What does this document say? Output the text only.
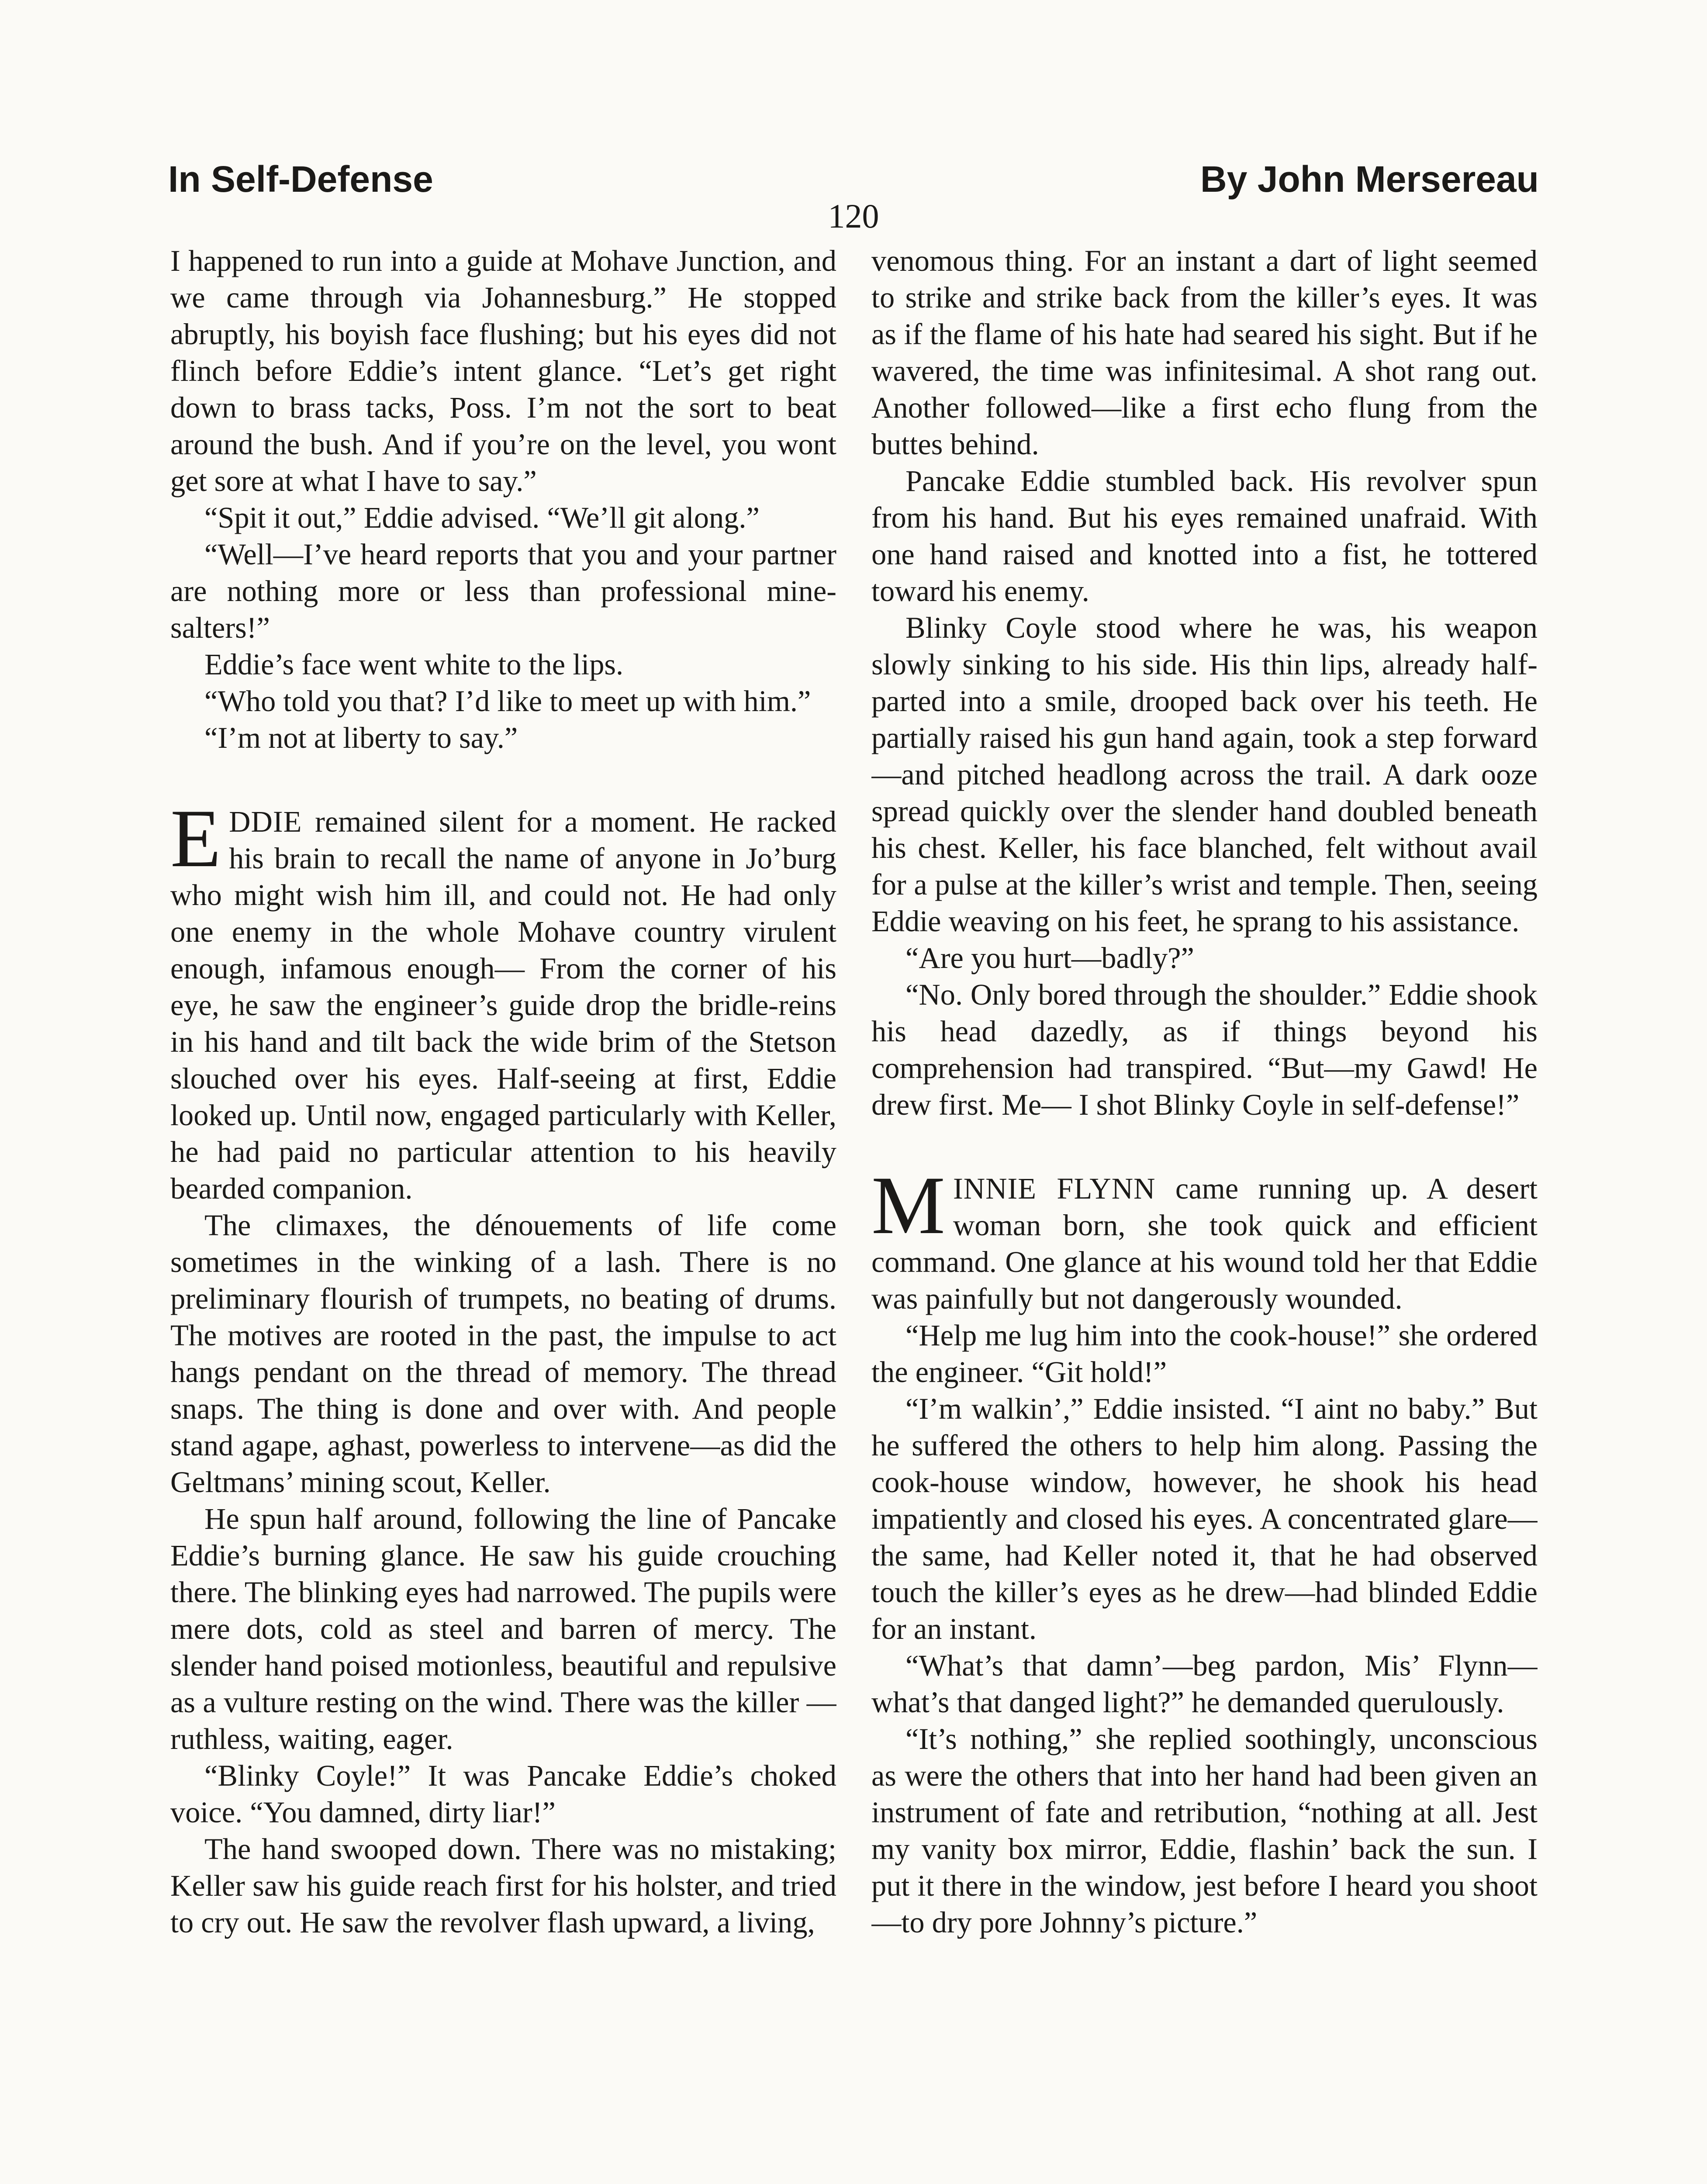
In Self-Defense	By John Mersereau
120

I happened to run into a guide at Mohave Junction, and we came through via Johannesburg.” He stopped abruptly, his boyish face flushing; but his eyes did not flinch before Eddie’s intent glance. “Let’s get right down to brass tacks, Poss. I’m not the sort to beat around the bush. And if you’re on the level, you wont get sore at what I have to say.”

“Spit it out,” Eddie advised. “We’ll git along.”

“Well—I’ve heard reports that you and your partner are nothing more or less than professional mine-salters!”

Eddie’s face went white to the lips.

“Who told you that? I’d like to meet up with him.”

“I’m not at liberty to say.”

EDDIE remained silent for a moment. He racked his brain to recall the name of anyone in Jo’burg who might wish him ill, and could not. He had only one enemy in the whole Mohave country virulent enough, infamous enough— From the corner of his eye, he saw the engineer’s guide drop the bridle-reins in his hand and tilt back the wide brim of the Stetson slouched over his eyes. Half-seeing at first, Eddie looked up. Until now, engaged particularly with Keller, he had paid no particular attention to his heavily bearded companion.

The climaxes, the dénouements of life come sometimes in the winking of a lash. There is no preliminary flourish of trumpets, no beating of drums. The motives are rooted in the past, the impulse to act hangs pendant on the thread of memory. The thread snaps. The thing is done and over with. And people stand agape, aghast, powerless to intervene—as did the Geltmans’ mining scout, Keller.

He spun half around, following the line of Pancake Eddie’s burning glance. He saw his guide crouching there. The blinking eyes had narrowed. The pupils were mere dots, cold as steel and barren of mercy. The slender hand poised motionless, beautiful and repulsive as a vulture resting on the wind. There was the killer —ruthless, waiting, eager.

“Blinky Coyle!” It was Pancake Eddie’s choked voice. “You damned, dirty liar!”

The hand swooped down. There was no mistaking; Keller saw his guide reach first for his holster, and tried to cry out. He saw the revolver flash upward, a living,

venomous thing. For an instant a dart of light seemed to strike and strike back from the killer’s eyes. It was as if the flame of his hate had seared his sight. But if he wavered, the time was infinitesimal. A shot rang out. Another followed—like a first echo flung from the buttes behind.

Pancake Eddie stumbled back. His revolver spun from his hand. But his eyes remained unafraid. With one hand raised and knotted into a fist, he tottered toward his enemy.

Blinky Coyle stood where he was, his weapon slowly sinking to his side. His thin lips, already half-parted into a smile, drooped back over his teeth. He partially raised his gun hand again, took a step forward—and pitched headlong across the trail. A dark ooze spread quickly over the slender hand doubled beneath his chest. Keller, his face blanched, felt without avail for a pulse at the killer’s wrist and temple. Then, seeing Eddie weaving on his feet, he sprang to his assistance.

“Are you hurt—badly?”

“No. Only bored through the shoulder.” Eddie shook his head dazedly, as if things beyond his comprehension had transpired. “But—my Gawd! He drew first. Me— I shot Blinky Coyle in self-defense!”

MINNIE FLYNN came running up. A desert woman born, she took quick and efficient command. One glance at his wound told her that Eddie was painfully but not dangerously wounded.

“Help me lug him into the cook-house!” she ordered the engineer. “Git hold!”

“I’m walkin’,” Eddie insisted. “I aint no baby.” But he suffered the others to help him along. Passing the cook-house window, however, he shook his head impatiently and closed his eyes. A concentrated glare—the same, had Keller noted it, that he had observed touch the killer’s eyes as he drew—had blinded Eddie for an instant.

“What’s that damn’—beg pardon, Mis’ Flynn—what’s that danged light?” he demanded querulously.

“It’s nothing,” she replied soothingly, unconscious as were the others that into her hand had been given an instrument of fate and retribution, “nothing at all. Jest my vanity box mirror, Eddie, flashin’ back the sun. I put it there in the window, jest before I heard you shoot—to dry pore Johnny’s picture.”
